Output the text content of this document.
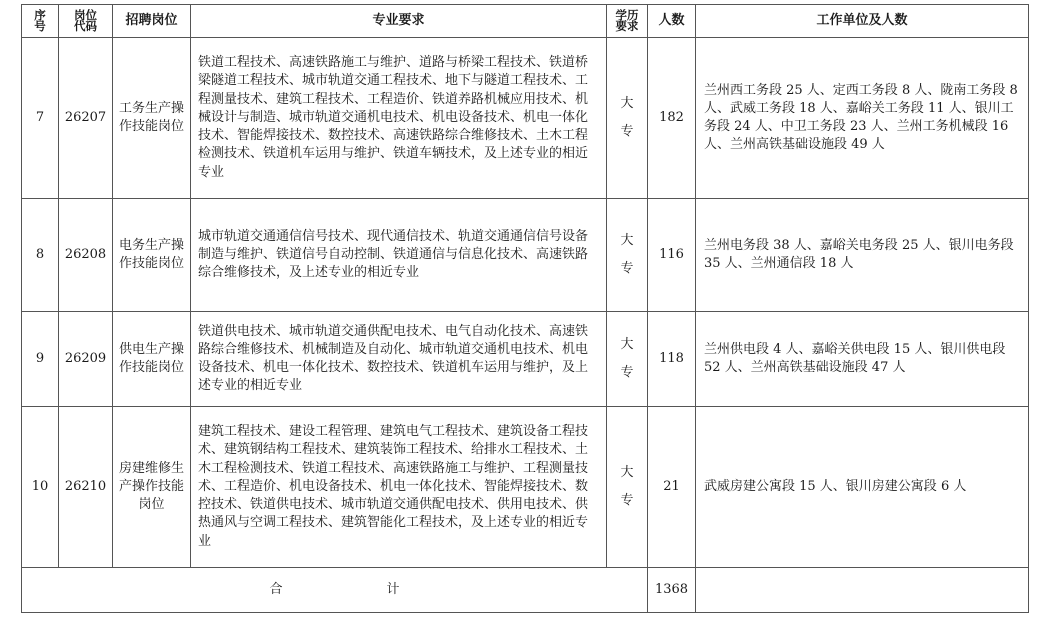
序号	岗位代码	招聘岗位	专业要求	学历要求	人数	工作单位及人数
7	26207	工务生产操作技能岗位	铁道工程技术、高速铁路施工与维护、道路与桥梁工程技术、铁道桥梁隧道工程技术、城市轨道交通工程技术、地下与隧道工程技术、工程测量技术、建筑工程技术、工程造价、铁道养路机械应用技术、机械设计与制造、城市轨道交通机电技术、机电设备技术、机电一体化技术、智能焊接技术、数控技术、高速铁路综合维修技术、土木工程检测技术、铁道机车运用与维护、铁道车辆技术，及上述专业的相近专业	大专	182	兰州西工务段 25 人、定西工务段 8 人、陇南工务段 8 人、武威工务段 18 人、嘉峪关工务段 11 人、银川工务段 24 人、中卫工务段 23 人、兰州工务机械段 16 人、兰州高铁基础设施段 49 人
8	26208	电务生产操作技能岗位	城市轨道交通通信信号技术、现代通信技术、轨道交通通信信号设备制造与维护、铁道信号自动控制、铁道通信与信息化技术、高速铁路综合维修技术，及上述专业的相近专业	大专	116	兰州电务段 38 人、嘉峪关电务段 25 人、银川电务段 35 人、兰州通信段 18 人
9	26209	供电生产操作技能岗位	铁道供电技术、城市轨道交通供配电技术、电气自动化技术、高速铁路综合维修技术、机械制造及自动化、城市轨道交通机电技术、机电设备技术、机电一体化技术、数控技术、铁道机车运用与维护，及上述专业的相近专业	大专	118	兰州供电段 4 人、嘉峪关供电段 15 人、银川供电段 52 人、兰州高铁基础设施段 47 人
10	26210	房建维修生产操作技能岗位	建筑工程技术、建设工程管理、建筑电气工程技术、建筑设备工程技术、建筑钢结构工程技术、建筑装饰工程技术、给排水工程技术、土木工程检测技术、铁道工程技术、高速铁路施工与维护、工程测量技术、工程造价、机电设备技术、机电一体化技术、智能焊接技术、数控技术、铁道供电技术、城市轨道交通供配电技术、供用电技术、供热通风与空调工程技术、建筑智能化工程技术，及上述专业的相近专业	大专	21	武威房建公寓段 15 人、银川房建公寓段 6 人
合 计					1368	
